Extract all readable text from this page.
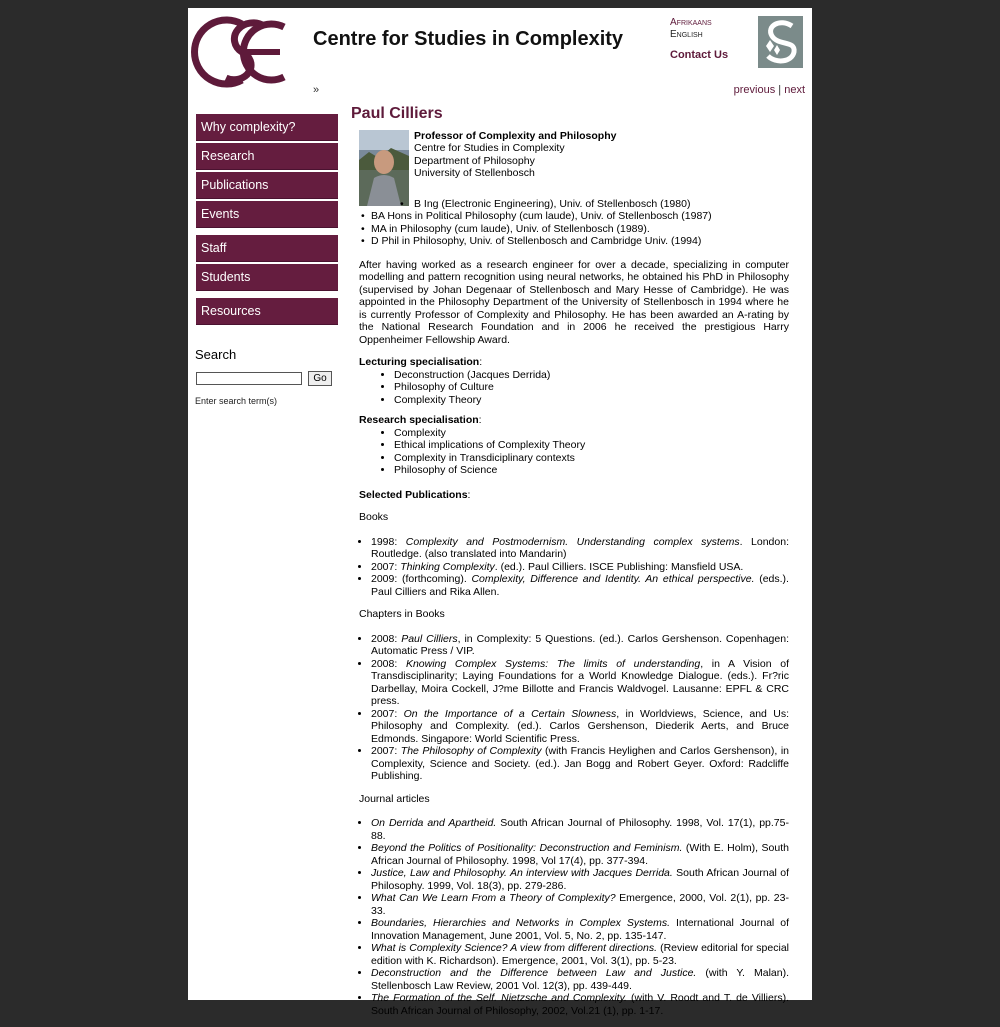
Centre for Studies in Complexity
Afrikaans
English
Contact Us
»	previous | next
Why complexity?
Research
Publications
Events
Staff
Students
Resources
Search
Go
Enter search term(s)
Paul Cilliers
Professor of Complexity and Philosophy
Centre for Studies in Complexity
Department of Philosophy
University of Stellenbosch
• B Ing (Electronic Engineering), Univ. of Stellenbosch (1980)
• BA Hons in Political Philosophy (cum laude), Univ. of Stellenbosch (1987)
• MA in Philosophy (cum laude), Univ. of Stellenbosch (1989).
• D Phil in Philosophy, Univ. of Stellenbosch and Cambridge Univ. (1994)

After having worked as a research engineer for over a decade, specializing in computer modelling and pattern recognition using neural networks, he obtained his PhD in Philosophy (supervised by Johan Degenaar of Stellenbosch and Mary Hesse of Cambridge). He was appointed in the Philosophy Department of the University of Stellenbosch in 1994 where he is currently Professor of Complexity and Philosophy. He has been awarded an A-rating by the National Research Foundation and in 2006 he received the prestigious Harry Oppenheimer Fellowship Award.

Lecturing specialisation:
• Deconstruction (Jacques Derrida)
• Philosophy of Culture
• Complexity Theory
Research specialisation:
• Complexity
• Ethical implications of Complexity Theory
• Complexity in Transdiciplinary contexts
• Philosophy of Science

Selected Publications:

Books

• 1998: Complexity and Postmodernism. Understanding complex systems. London: Routledge. (also translated into Mandarin)
• 2007: Thinking Complexity. (ed.). Paul Cilliers. ISCE Publishing: Mansfield USA.
• 2009: (forthcoming). Complexity, Difference and Identity. An ethical perspective. (eds.). Paul Cilliers and Rika Allen.

Chapters in Books

• 2008: Paul Cilliers, in Complexity: 5 Questions. (ed.). Carlos Gershenson. Copenhagen: Automatic Press / VIP.
• 2008: Knowing Complex Systems: The limits of understanding, in A Vision of Transdisciplinarity; Laying Foundations for a World Knowledge Dialogue. (eds.). Fr?ric Darbellay, Moira Cockell, J?me Billotte and Francis Waldvogel. Lausanne: EPFL & CRC press.
• 2007: On the Importance of a Certain Slowness, in Worldviews, Science, and Us: Philosophy and Complexity. (ed.). Carlos Gershenson, Diederik Aerts, and Bruce Edmonds. Singapore: World Scientific Press.
• 2007: The Philosophy of Complexity (with Francis Heylighen and Carlos Gershenson), in Complexity, Science and Society. (ed.). Jan Bogg and Robert Geyer. Oxford: Radcliffe Publishing.

Journal articles

• On Derrida and Apartheid. South African Journal of Philosophy. 1998, Vol. 17(1), pp.75-88.
• Beyond the Politics of Positionality: Deconstruction and Feminism. (With E. Holm), South African Journal of Philosophy. 1998, Vol 17(4), pp. 377-394.
• Justice, Law and Philosophy. An interview with Jacques Derrida. South African Journal of Philosophy. 1999, Vol. 18(3), pp. 279-286.
• What Can We Learn From a Theory of Complexity? Emergence, 2000, Vol. 2(1), pp. 23-33.
• Boundaries, Hierarchies and Networks in Complex Systems. International Journal of Innovation Management, June 2001, Vol. 5, No. 2, pp. 135-147.
• What is Complexity Science? A view from different directions. (Review editorial for special edition with K. Richardson). Emergence, 2001, Vol. 3(1), pp. 5-23.
• Deconstruction and the Difference between Law and Justice. (with Y. Malan). Stellenbosch Law Review, 2001 Vol. 12(3), pp. 439-449.
• The Formation of the Self. Nietzsche and Complexity. (with V. Roodt and T. de Villiers). South African Journal of Philosophy, 2002, Vol.21 (1), pp. 1-17.
